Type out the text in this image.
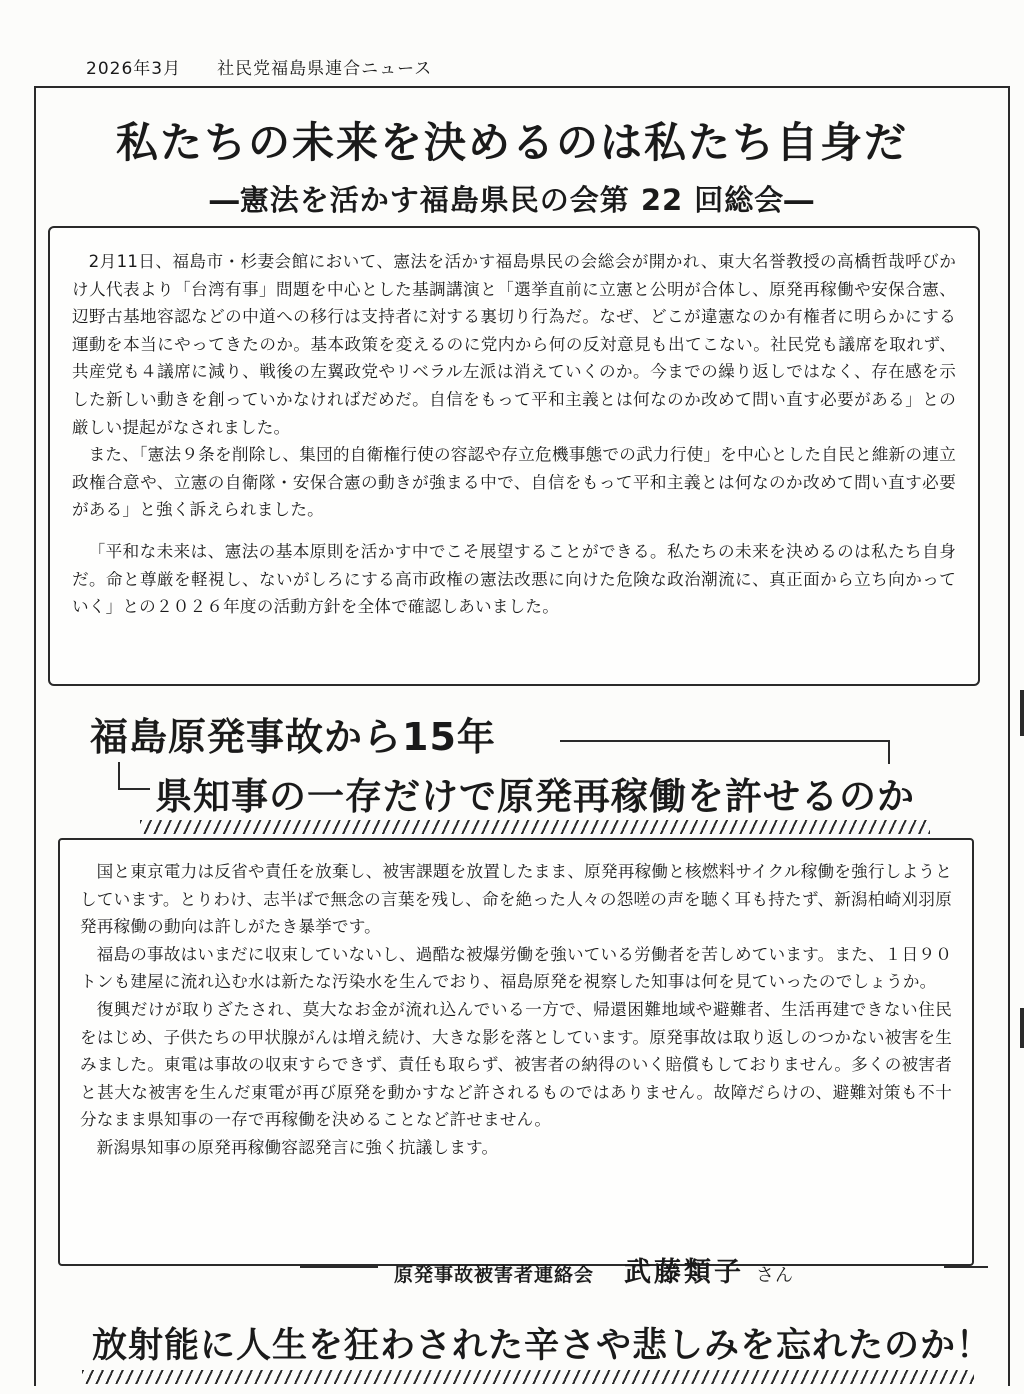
2026年3月 社民党福島県連合ニュース
私たちの未来を決めるのは私たち自身だ
―憲法を活かす福島県民の会第 22 回総会―

2月11日、福島市・杉妻会館において、憲法を活かす福島県民の会総会が開かれ、東大名誉教授の高橋哲哉呼びかけ人代表より「台湾有事」問題を中心とした基調講演と「選挙直前に立憲と公明が合体し、原発再稼働や安保合憲、辺野古基地容認などの中道への移行は支持者に対する裏切り行為だ。なぜ、どこが違憲なのか有権者に明らかにする運動を本当にやってきたのか。基本政策を変えるのに党内から何の反対意見も出てこない。社民党も議席を取れず、共産党も４議席に減り、戦後の左翼政党やリベラル左派は消えていくのか。今までの繰り返しではなく、存在感を示した新しい動きを創っていかなければだめだ。自信をもって平和主義とは何なのか改めて問い直す必要がある」との厳しい提起がなされました。

また、「憲法９条を削除し、集団的自衛権行使の容認や存立危機事態での武力行使」を中心とした自民と維新の連立政権合意や、立憲の自衛隊・安保合憲の動きが強まる中で、自信をもって平和主義とは何なのか改めて問い直す必要がある」と強く訴えられました。

「平和な未来は、憲法の基本原則を活かす中でこそ展望することができる。私たちの未来を決めるのは私たち自身だ。命と尊厳を軽視し、ないがしろにする高市政権の憲法改悪に向けた危険な政治潮流に、真正面から立ち向かっていく」との２０２６年度の活動方針を全体で確認しあいました。

福島原発事故から15年
県知事の一存だけで原発再稼働を許せるのか

国と東京電力は反省や責任を放棄し、被害課題を放置したまま、原発再稼働と核燃料サイクル稼働を強行しようとしています。とりわけ、志半ばで無念の言葉を残し、命を絶った人々の怨嗟の声を聴く耳も持たず、新潟柏崎刈羽原発再稼働の動向は許しがたき暴挙です。

福島の事故はいまだに収束していないし、過酷な被爆労働を強いている労働者を苦しめています。また、１日９０トンも建屋に流れ込む水は新たな汚染水を生んでおり、福島原発を視察した知事は何を見ていったのでしょうか。

復興だけが取りざたされ、莫大なお金が流れ込んでいる一方で、帰還困難地域や避難者、生活再建できない住民をはじめ、子供たちの甲状腺がんは増え続け、大きな影を落としています。原発事故は取り返しのつかない被害を生みました。東電は事故の収束すらできず、責任も取らず、被害者の納得のいく賠償もしておりません。多くの被害者と甚大な被害を生んだ東電が再び原発を動かすなど許されるものではありません。故障だらけの、避難対策も不十分なまま県知事の一存で再稼働を決めることなど許せません。

新潟県知事の原発再稼働容認発言に強く抗議します。

原発事故被害者連絡会 武藤類子 さん
放射能に人生を狂わされた辛さや悲しみを忘れたのか！
